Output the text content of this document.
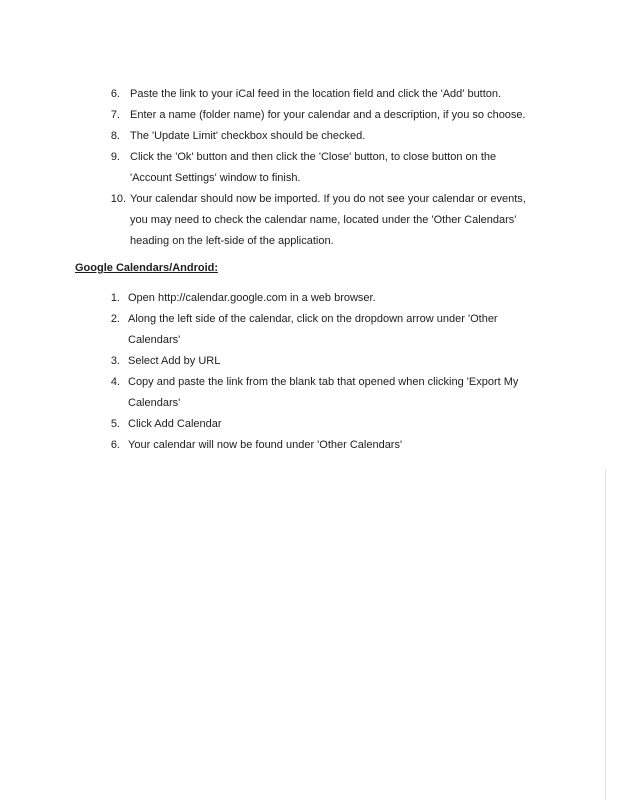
6. Paste the link to your iCal feed in the location field and click the 'Add' button.
7. Enter a name (folder name) for your calendar and a description, if you so choose.
8. The 'Update Limit' checkbox should be checked.
9. Click the 'Ok' button and then click the 'Close' button, to close button on the 'Account Settings' window to finish.
10. Your calendar should now be imported. If you do not see your calendar or events, you may need to check the calendar name, located under the 'Other Calendars' heading on the left-side of the application.
Google Calendars/Android:
1. Open http://calendar.google.com in a web browser.
2. Along the left side of the calendar, click on the dropdown arrow under 'Other Calendars'
3. Select Add by URL
4. Copy and paste the link from the blank tab that opened when clicking 'Export My Calendars'
5. Click Add Calendar
6. Your calendar will now be found under 'Other Calendars'
